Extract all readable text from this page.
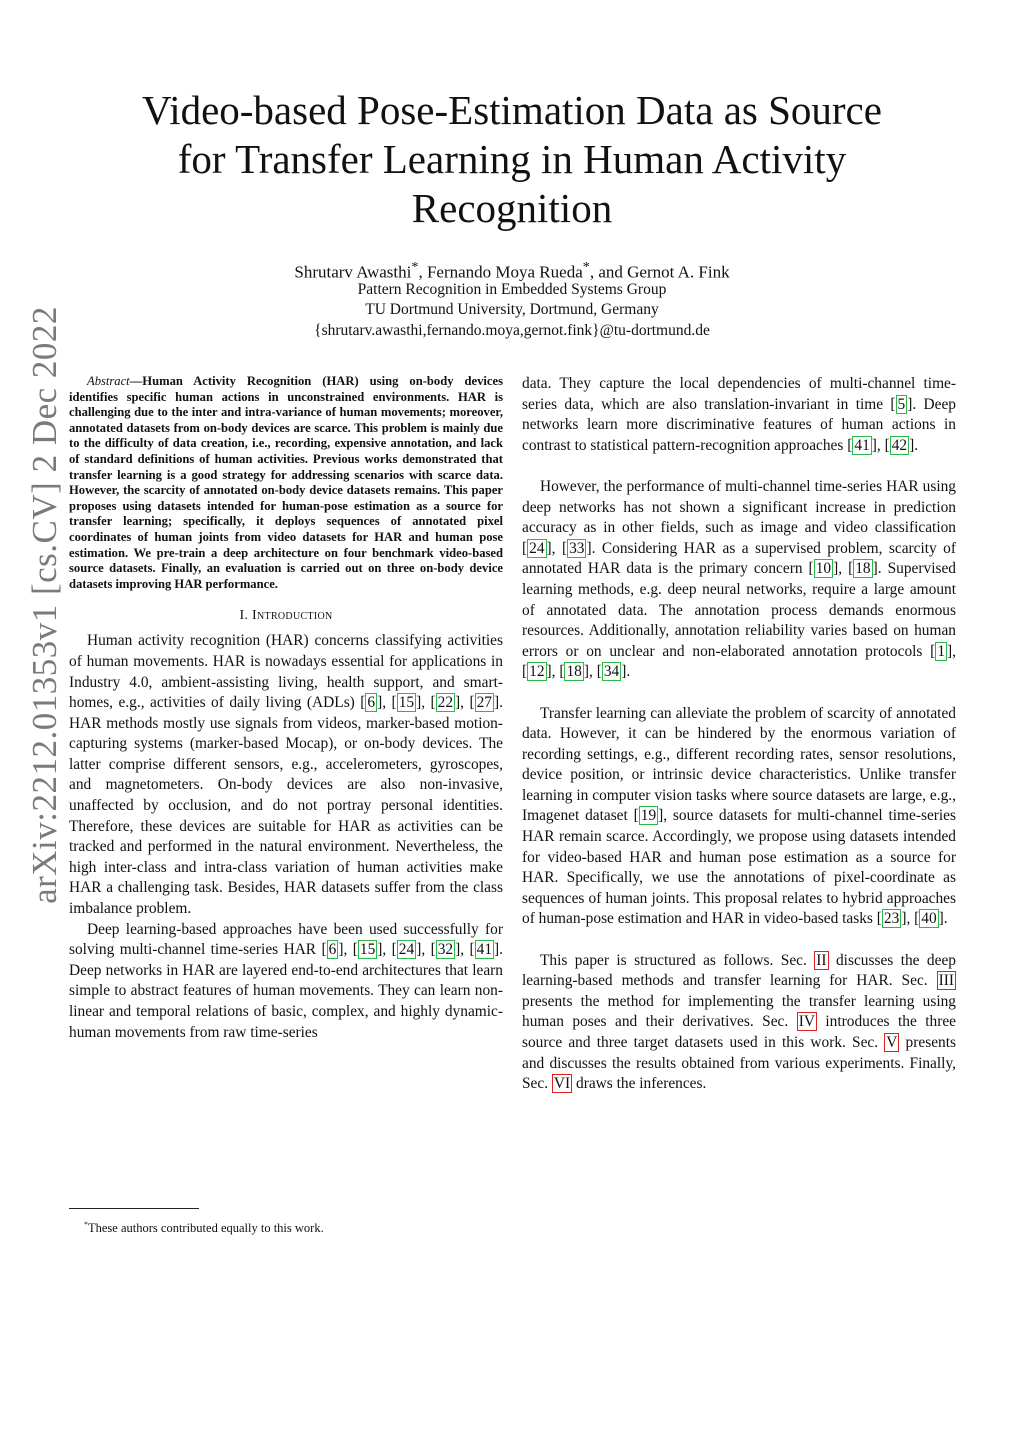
arXiv:2212.01353v1 [cs.CV] 2 Dec 2022
Video-based Pose-Estimation Data as Source
for Transfer Learning in Human Activity
Recognition
Shrutarv Awasthi*, Fernando Moya Rueda*, and Gernot A. Fink
Pattern Recognition in Embedded Systems Group
TU Dortmund University, Dortmund, Germany
{shrutarv.awasthi,fernando.moya,gernot.fink}@tu-dortmund.de

Abstract—Human Activity Recognition (HAR) using on-body devices identifies specific human actions in unconstrained environments. HAR is challenging due to the inter and intra-variance of human movements; moreover, annotated datasets from on-body devices are scarce. This problem is mainly due to the difficulty of data creation, i.e., recording, expensive annotation, and lack of standard definitions of human activities. Previous works demonstrated that transfer learning is a good strategy for addressing scenarios with scarce data. However, the scarcity of annotated on-body device datasets remains. This paper proposes using datasets intended for human-pose estimation as a source for transfer learning; specifically, it deploys sequences of annotated pixel coordinates of human joints from video datasets for HAR and human pose estimation. We pre-train a deep architecture on four benchmark video-based source datasets. Finally, an evaluation is carried out on three on-body device datasets improving HAR performance.

I. Introduction

Human activity recognition (HAR) concerns classifying activities of human movements. HAR is nowadays essential for applications in Industry 4.0, ambient-assisting living, health support, and smart-homes, e.g., activities of daily living (ADLs) [ 6 ], [ 15 ], [ 22 ], [ 27 ]. HAR methods mostly use signals from videos, marker-based motion-capturing systems (marker-based Mocap), or on-body devices. The latter comprise different sensors, e.g., accelerometers, gyroscopes, and magnetometers. On-body devices are also non-invasive, unaffected by occlusion, and do not portray personal identities. Therefore, these devices are suitable for HAR as activities can be tracked and performed in the natural environment. Nevertheless, the high inter-class and intra-class variation of human activities make HAR a challenging task. Besides, HAR datasets suffer from the class imbalance problem.

Deep learning-based approaches have been used successfully for solving multi-channel time-series HAR [ 6 ], [ 15 ], [ 24 ], [ 32 ], [ 41 ]. Deep networks in HAR are layered end-to-end architectures that learn simple to abstract features of human movements. They can learn non-linear and temporal relations of basic, complex, and highly dynamic-human movements from raw time-series

*These authors contributed equally to this work.

data. They capture the local dependencies of multi-channel time-series data, which are also translation-invariant in time [ 5 ]. Deep networks learn more discriminative features of human actions in contrast to statistical pattern-recognition approaches [ 41 ], [ 42 ].

However, the performance of multi-channel time-series HAR using deep networks has not shown a significant increase in prediction accuracy as in other fields, such as image and video classification [ 24 ], [ 33 ]. Considering HAR as a supervised problem, scarcity of annotated HAR data is the primary concern [ 10 ], [ 18 ]. Supervised learning methods, e.g. deep neural networks, require a large amount of annotated data. The annotation process demands enormous resources. Additionally, annotation reliability varies based on human errors or on unclear and non-elaborated annotation protocols [ 1 ], [ 12 ], [ 18 ], [ 34 ].

Transfer learning can alleviate the problem of scarcity of annotated data. However, it can be hindered by the enormous variation of recording settings, e.g., different recording rates, sensor resolutions, device position, or intrinsic device characteristics. Unlike transfer learning in computer vision tasks where source datasets are large, e.g., Imagenet dataset [ 19 ], source datasets for multi-channel time-series HAR remain scarce. Accordingly, we propose using datasets intended for video-based HAR and human pose estimation as a source for HAR. Specifically, we use the annotations of pixel-coordinate as sequences of human joints. This proposal relates to hybrid approaches of human-pose estimation and HAR in video-based tasks [ 23 ], [ 40 ].

This paper is structured as follows. Sec. II discusses the deep learning-based methods and transfer learning for HAR. Sec. III presents the method for implementing the transfer learning using human poses and their derivatives. Sec. IV introduces the three source and three target datasets used in this work. Sec. V presents and discusses the results obtained from various experiments. Finally, Sec. VI draws the inferences.
